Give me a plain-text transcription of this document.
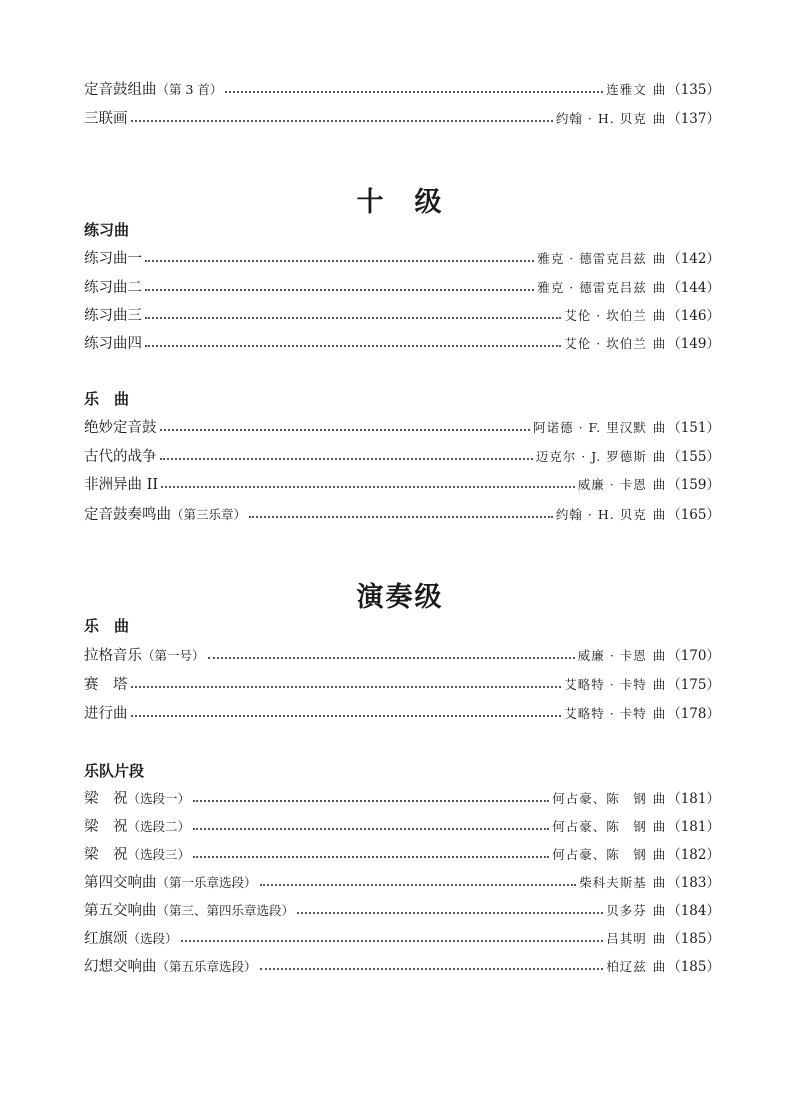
定音鼓组曲 （第 3 首）	连雅文 曲 （135）
三联画	约翰 · H. 贝克 曲 （137）
十　级
练习曲
练习曲一	雅克 · 德雷克吕兹 曲 （142）
练习曲二	雅克 · 德雷克吕兹 曲 （144）
练习曲三	艾伦 · 坎伯兰 曲 （146）
练习曲四	艾伦 · 坎伯兰 曲 （149）
乐　曲
绝妙定音鼓	阿诺德 · F. 里汉默 曲 （151）
古代的战争	迈克尔 · J. 罗德斯 曲 （155）
非洲异曲 II	威廉 · 卡恩 曲 （159）
定音鼓奏鸣曲 （第三乐章）	约翰 · H. 贝克 曲 （165）
演奏级
乐　曲
拉格音乐 （第一号）	威廉 · 卡恩 曲 （170）
赛　塔	艾略特 · 卡特 曲 （175）
进行曲	艾略特 · 卡特 曲 （178）
乐队片段
梁　祝 （选段一）	何占豪、陈　钢 曲 （181）
梁　祝 （选段二）	何占豪、陈　钢 曲 （181）
梁　祝 （选段三）	何占豪、陈　钢 曲 （182）
第四交响曲 （第一乐章选段）	柴科夫斯基 曲 （183）
第五交响曲 （第三、第四乐章选段）	贝多芬 曲 （184）
红旗颂 （选段）	吕其明 曲 （185）
幻想交响曲 （第五乐章选段）	柏辽兹 曲 （185）
